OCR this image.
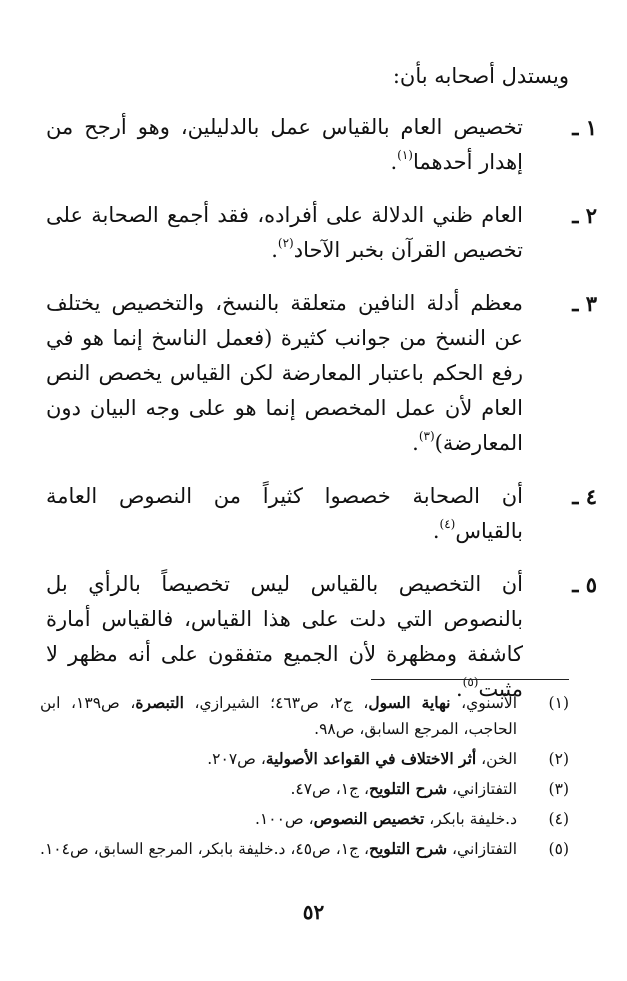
ويستدل أصحابه بأن:
١ ـ
تخصيص العام بالقياس عمل بالدليلين، وهو أرجح من إهدار أحدهما$^{(١)}$.
٢ ـ
العام ظني الدلالة على أفراده، فقد أجمع الصحابة على تخصيص القرآن بخبر الآحاد$^{(٢)}$.
٣ ـ
معظم أدلة النافين متعلقة بالنسخ، والتخصيص يختلف عن النسخ من جوانب كثيرة (فعمل الناسخ إنما هو في رفع الحكم باعتبار المعارضة لكن القياس يخصص النص العام لأن عمل المخصص إنما هو على وجه البيان دون المعارضة)$^{(٣)}$.
٤ ـ
أن الصحابة خصصوا كثيراً من النصوص العامة بالقياس$^{(٤)}$.
٥ ـ
أن التخصيص بالقياس ليس تخصيصاً بالرأي بل بالنصوص التي دلت على هذا القياس، فالقياس أمارة كاشفة ومظهرة لأن الجميع متفقون على أنه مظهر لا مثبت$^{(٥)}$.
(١)
الأسنوي، نهاية السول، ج٢، ص٤٦٣؛ الشيرازي، التبصرة، ص١٣٩، ابن الحاجب، المرجع السابق، ص٩٨.
(٢)
الخن، أثر الاختلاف في القواعد الأصولية، ص٢٠٧.
(٣)
التفتازاني، شرح التلويح، ج١، ص٤٧.
(٤)
د.خليفة بابكر، تخصيص النصوص، ص١٠٠.
(٥)
التفتازاني، شرح التلويح، ج١، ص٤٥، د.خليفة بابكر، المرجع السابق، ص١٠٤.
٥٢
